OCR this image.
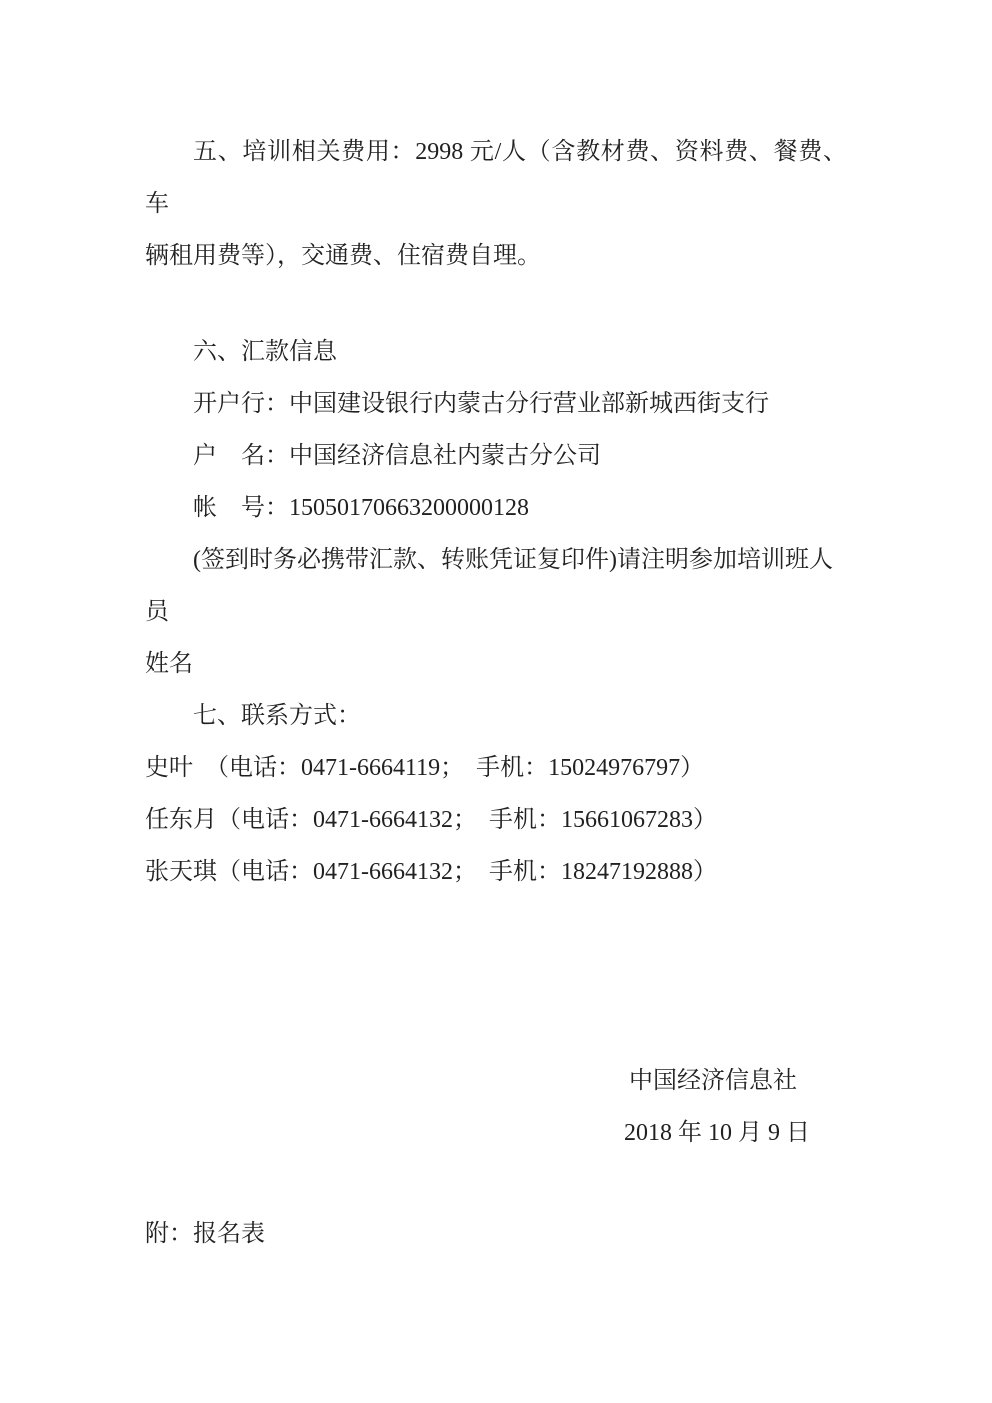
五、培训相关费用：2998 元/人（含教材费、资料费、餐费、车
辆租用费等），交通费、住宿费自理。
六、汇款信息
开户行：中国建设银行内蒙古分行营业部新城西街支行
户　名：中国经济信息社内蒙古分公司
帐　号：15050170663200000128
(签到时务必携带汇款、转账凭证复印件)请注明参加培训班人员
姓名
七、联系方式：
史叶　（电话：0471-6664119；　手机：15024976797）
任东月（电话：0471-6664132；　手机：15661067283）
张天琪（电话：0471-6664132；　手机：18247192888）
中国经济信息社
2018 年 10 月 9 日
附：报名表
